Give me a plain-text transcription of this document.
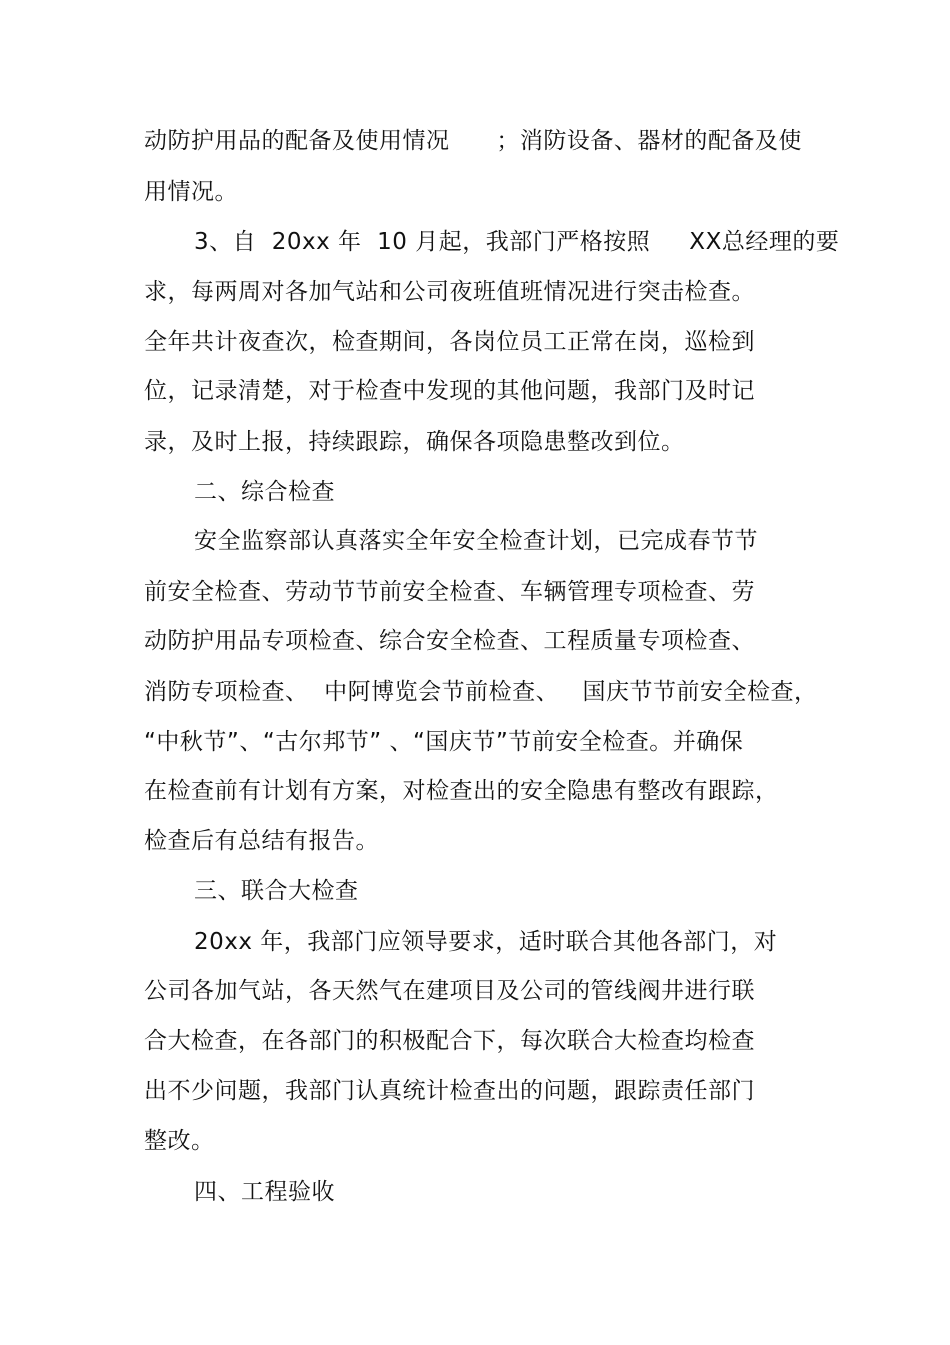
动防护用品的配备及使用情况      ；消防设备、器材的配备及使
用情况。
3、自  20xx 年  10 月起，我部门严格按照     XX总经理的要
求，每两周对各加气站和公司夜班值班情况进行突击检查。
全年共计夜查次，检查期间，各岗位员工正常在岗，巡检到
位，记录清楚，对于检查中发现的其他问题，我部门及时记
录，及时上报，持续跟踪，确保各项隐患整改到位。
二、综合检查
安全监察部认真落实全年安全检查计划，已完成春节节
前安全检查、劳动节节前安全检查、车辆管理专项检查、劳
动防护用品专项检查、综合安全检查、工程质量专项检查、
消防专项检查、  中阿博览会节前检查、   国庆节节前安全检查，
“中秋节”、“古尔邦节” 、“国庆节”节前安全检查。并确保
在检查前有计划有方案，对检查出的安全隐患有整改有跟踪，
检查后有总结有报告。
三、联合大检查
20xx 年，我部门应领导要求，适时联合其他各部门，对
公司各加气站，各天然气在建项目及公司的管线阀井进行联
合大检查，在各部门的积极配合下，每次联合大检查均检查
出不少问题，我部门认真统计检查出的问题，跟踪责任部门
整改。
四、工程验收
